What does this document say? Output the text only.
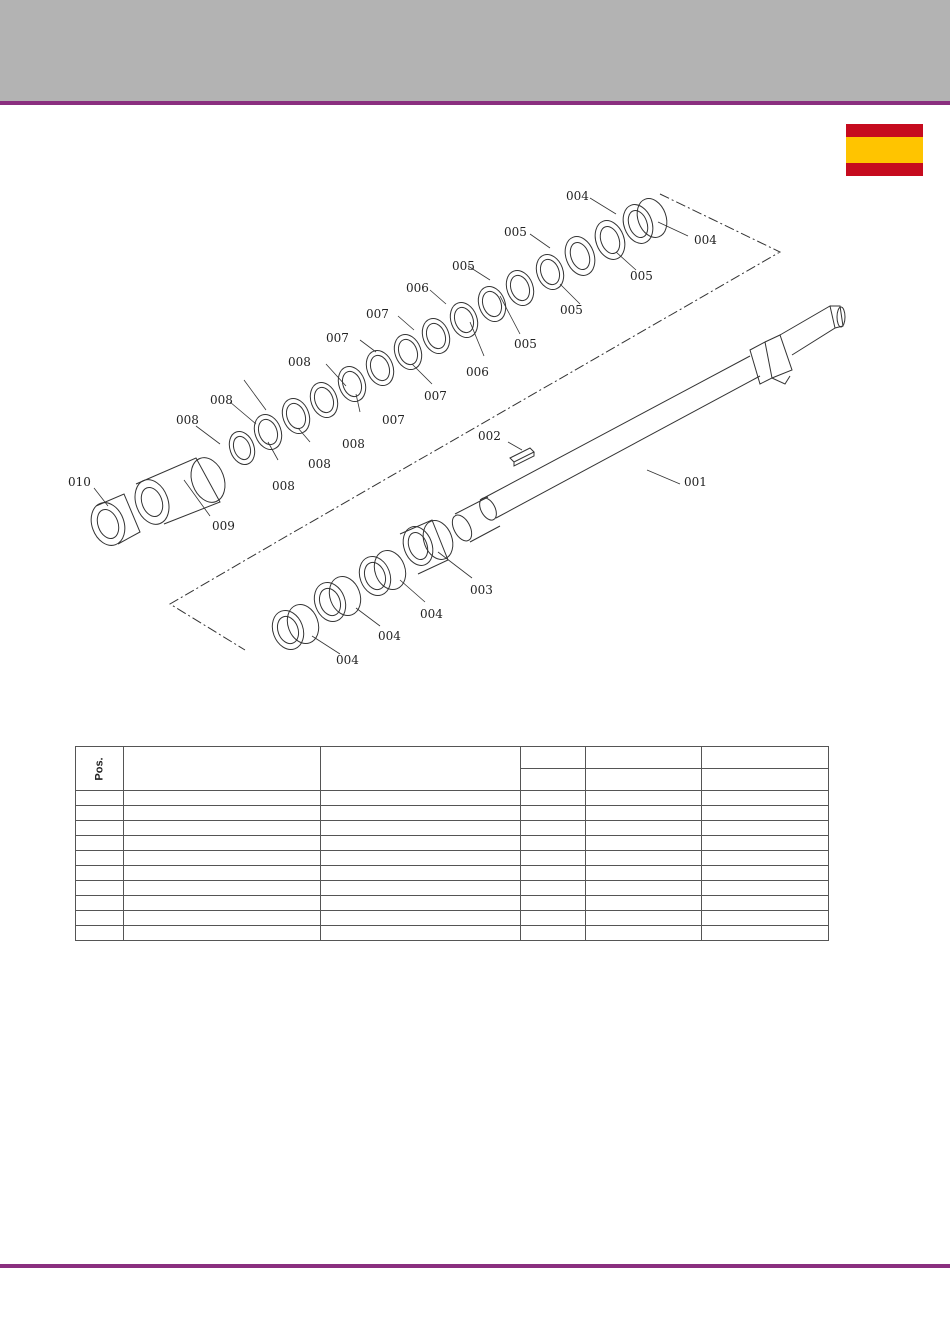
001
002
003
004
004
004
004
004
005
005
005
005
005
006
006
007
007
007
007
008
008
008
008
008
008
009
010
Pos.					
